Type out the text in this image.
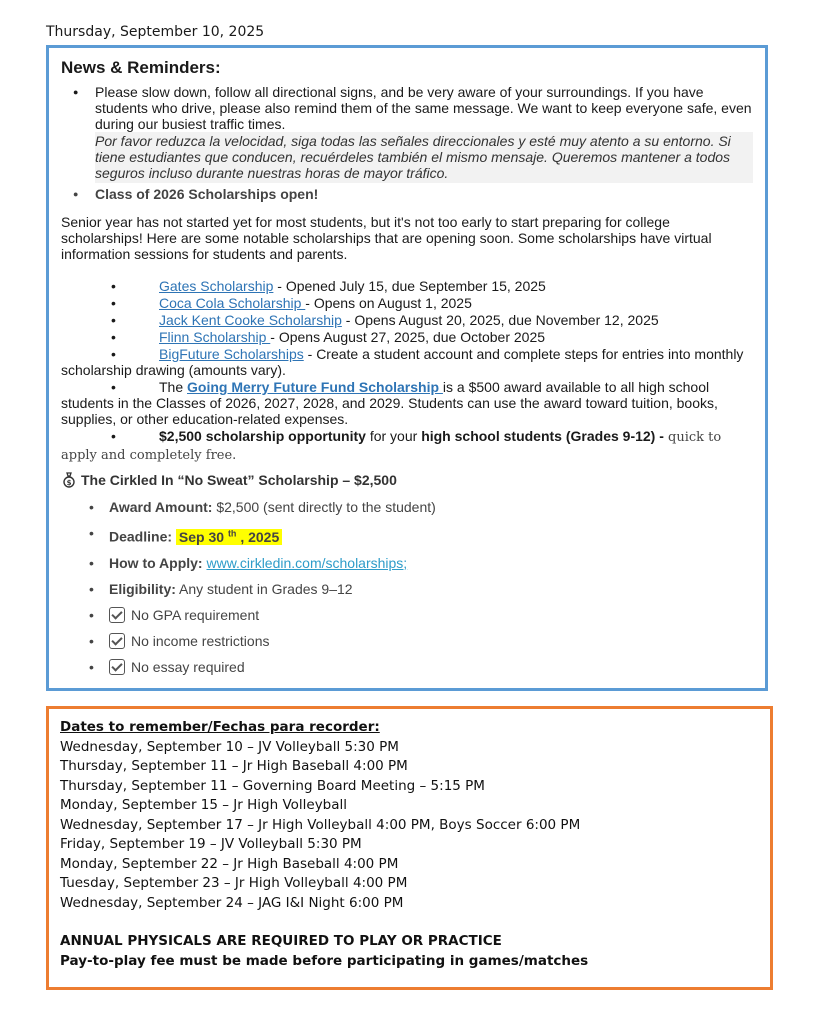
Thursday, September 10, 2025
News & Reminders:
● Please slow down, follow all directional signs, and be very aware of your surroundings. If you have students who drive, please also remind them of the same message. We want to keep everyone safe, even during our busiest traffic times.
Por favor reduzca la velocidad, siga todas las señales direccionales y esté muy atento a su entorno. Si tiene estudiantes que conducen, recuérdeles también el mismo mensaje. Queremos mantener a todos seguros incluso durante nuestras horas de mayor tráfico.
● Class of 2026 Scholarships open!
Senior year has not started yet for most students, but it's not too early to start preparing for college scholarships! Here are some notable scholarships that are opening soon. Some scholarships have virtual information sessions for students and parents.
•Gates Scholarship - Opened July 15, due September 15, 2025
•Coca Cola Scholarship - Opens on August 1, 2025
•Jack Kent Cooke Scholarship - Opens August 20, 2025, due November 12, 2025
•Flinn Scholarship - Opens August 27, 2025, due October 2025
•BigFuture Scholarships - Create a student account and complete steps for entries into monthly scholarship drawing (amounts vary).
•The Going Merry Future Fund Scholarship is a $500 award available to all high school students in the Classes of 2026, 2027, 2028, and 2029. Students can use the award toward tuition, books, supplies, or other education-related expenses.
•$2,500 scholarship opportunity for your high school students (Grades 9-12) - quick to apply and completely free.
$ The Cirkled In “No Sweat” Scholarship – $2,500
• Award Amount: $2,500 (sent directly to the student)
• Deadline: Sep 30 $^{th}$ , 2025
• How to Apply: www.cirkledin.com/scholarships;
• Eligibility: Any student in Grades 9–12
• No GPA requirement
• No income restrictions
• No essay required
Dates to remember/Fechas para recorder:
Wednesday, September 10 – JV Volleyball 5:30 PM
Thursday, September 11 – Jr High Baseball 4:00 PM
Thursday, September 11 – Governing Board Meeting – 5:15 PM
Monday, September 15 – Jr High Volleyball
Wednesday, September 17 – Jr High Volleyball 4:00 PM, Boys Soccer 6:00 PM
Friday, September 19 – JV Volleyball 5:30 PM
Monday, September 22 – Jr High Baseball 4:00 PM
Tuesday, September 23 – Jr High Volleyball 4:00 PM
Wednesday, September 24 – JAG I&I Night 6:00 PM
ANNUAL PHYSICALS ARE REQUIRED TO PLAY OR PRACTICE
Pay-to-play fee must be made before participating in games/matches
